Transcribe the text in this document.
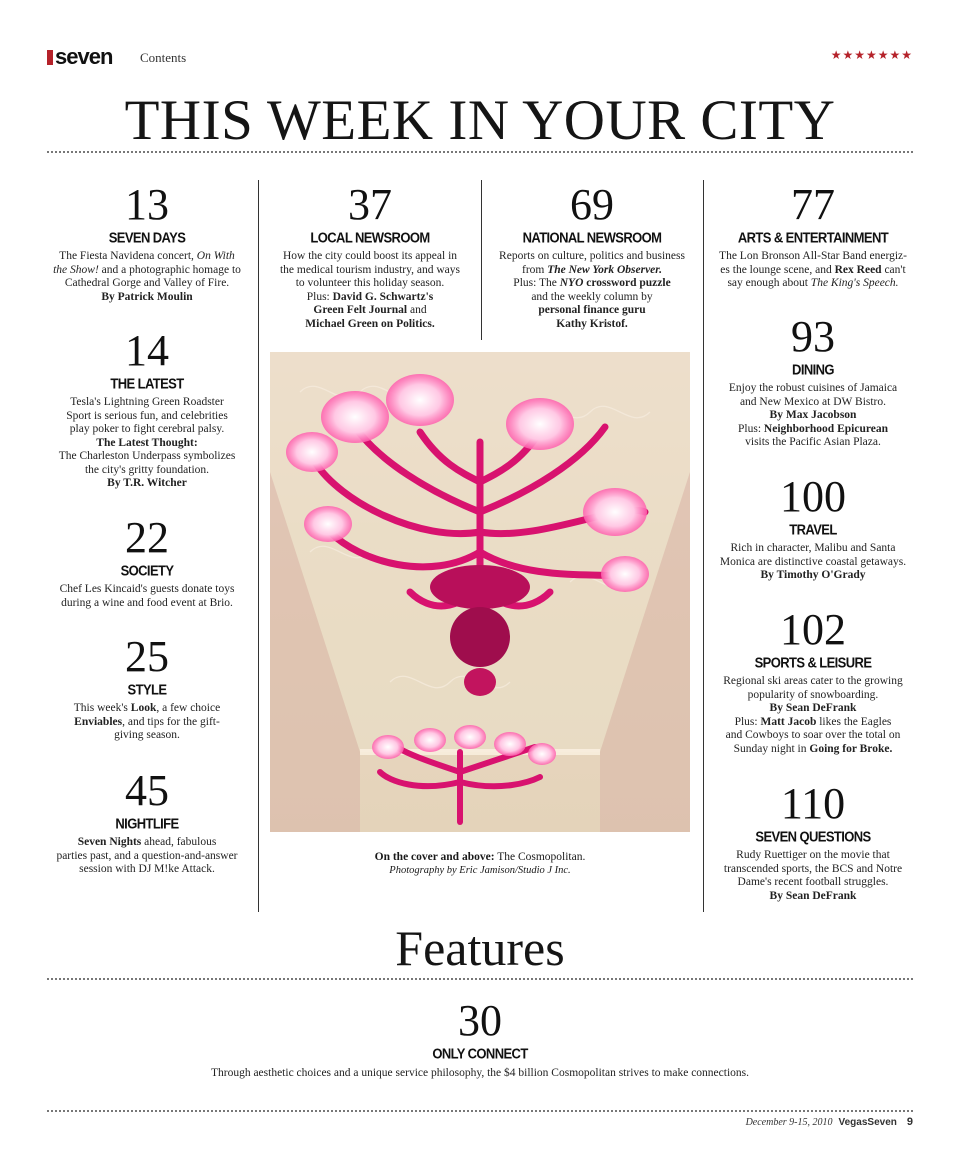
seven Contents	★★★★★★★
THIS WEEK IN YOUR CITY
13
SEVEN DAYS
The Fiesta Navidena concert, On With
the Show! and a photographic homage to
Cathedral Gorge and Valley of Fire.
By Patrick Moulin
14
THE LATEST
Tesla's Lightning Green Roadster
Sport is serious fun, and celebrities
play poker to fight cerebral palsy.
The Latest Thought:
The Charleston Underpass symbolizes
the city's gritty foundation.
By T.R. Witcher
22
SOCIETY
Chef Les Kincaid's guests donate toys
during a wine and food event at Brio.
25
STYLE
This week's Look, a few choice
Enviables, and tips for the gift-
giving season.
45
NIGHTLIFE
Seven Nights ahead, fabulous
parties past, and a question-and-answer
session with DJ M!ke Attack.
37
LOCAL NEWSROOM
How the city could boost its appeal in
the medical tourism industry, and ways
to volunteer this holiday season.
Plus: David G. Schwartz's
Green Felt Journal and
Michael Green on Politics.
69
NATIONAL NEWSROOM
Reports on culture, politics and business
from The New York Observer.
Plus: The NYO crossword puzzle
and the weekly column by
personal finance guru
Kathy Kristof.
77
ARTS & ENTERTAINMENT
The Lon Bronson All-Star Band energiz-
es the lounge scene, and Rex Reed can't
say enough about The King's Speech.
93
DINING
Enjoy the robust cuisines of Jamaica
and New Mexico at DW Bistro.
By Max Jacobson
Plus: Neighborhood Epicurean
visits the Pacific Asian Plaza.
100
TRAVEL
Rich in character, Malibu and Santa
Monica are distinctive coastal getaways.
By Timothy O'Grady
102
SPORTS & LEISURE
Regional ski areas cater to the growing
popularity of snowboarding.
By Sean DeFrank
Plus: Matt Jacob likes the Eagles
and Cowboys to soar over the total on
Sunday night in Going for Broke.
110
SEVEN QUESTIONS
Rudy Ruettiger on the movie that
transcended sports, the BCS and Notre
Dame's recent football struggles.
By Sean DeFrank
On the cover and above: The Cosmopolitan.
Photography by Eric Jamison/Studio J Inc.
Features
30
ONLY CONNECT
Through aesthetic choices and a unique service philosophy, the $4 billion Cosmopolitan strives to make connections.
December 9-15, 2010 VegasSeven 9
